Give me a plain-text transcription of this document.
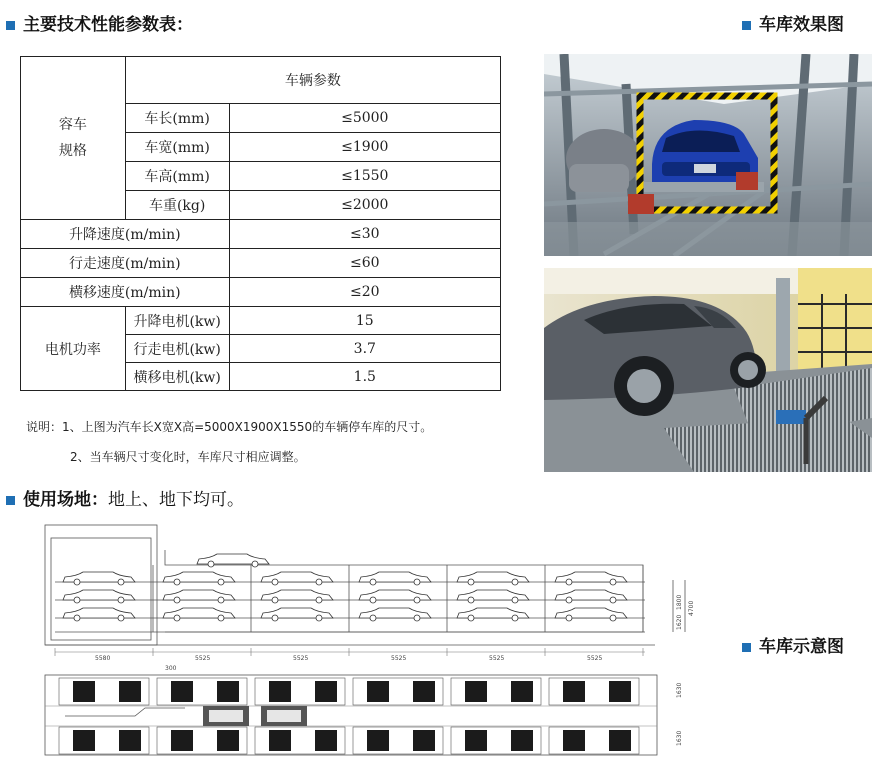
主要技术性能参数表：	车库效果图
使用场地：地上、地下均可。
车库示意图
容车
规格	车辆参数	
	车长(mm)	≤5000
	车宽(mm)	≤1900
	车高(mm)	≤1550
	车重(kg)	≤2000
升降速度(m/min)		≤30
行走速度(m/min)		≤60
横移速度(m/min)		≤20
电机功率	升降电机(kw)	15
	行走电机(kw)	3.7
	横移电机(kw)	1.5
说明：1、上图为汽车长X宽X高=5000X1900X1550的车辆停车库的尺寸。
2、当车辆尺寸变化时，车库尺寸相应调整。
5580	5525	5525	5525	5525	5525
300
4700
1800
1620
1630
1630
